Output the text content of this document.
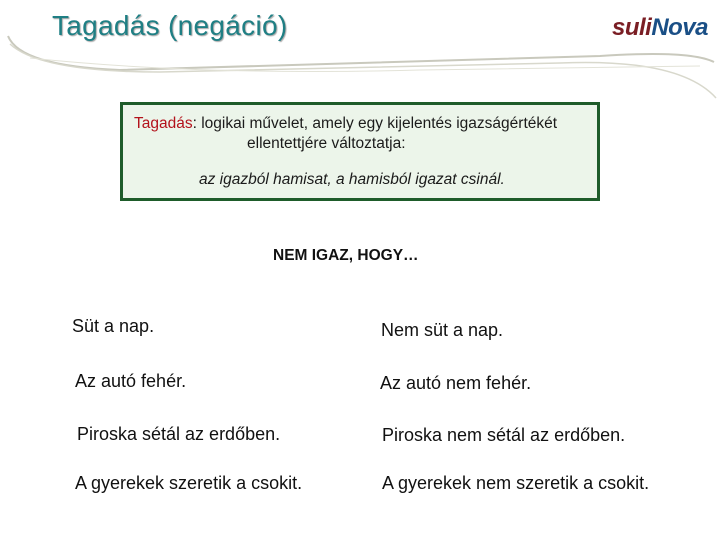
Tagadás (negáció)	suliNova
Tagadás: logikai művelet, amely egy kijelentés igazságértékét
ellentettjére változtatja:
az igazból hamisat, a hamisból igazat csinál.
NEM IGAZ, HOGY…
Süt a nap.	Nem süt a nap.
Az autó fehér.	Az autó nem fehér.
Piroska sétál az erdőben.	Piroska nem sétál az erdőben.
A gyerekek szeretik a csokit.	A gyerekek nem szeretik a csokit.
